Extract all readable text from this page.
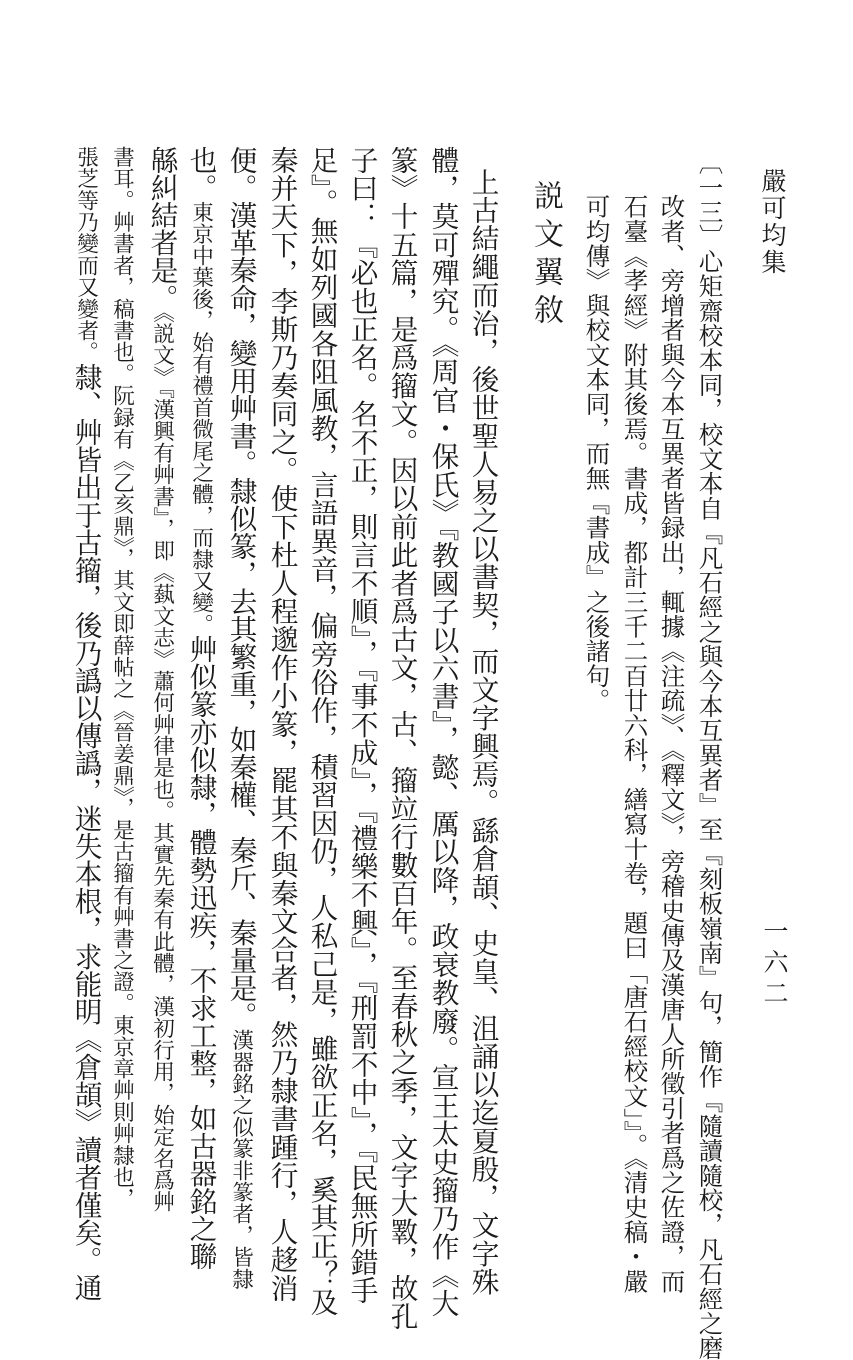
嚴可均集
一六二
〔一三〕心矩齋校本同，校文本自『凡石經之與今本互異者』至『刻板嶺南』句，簡作『隨讀隨校，凡石經之磨
改者、旁增者與今本互異者皆録出，輒據《注疏》、《釋文》，旁稽史傳及漢唐人所徵引者爲之佐證，而
石臺《孝經》附其後焉。書成，都計三千二百廿六科，繕寫十卷，題曰「唐石經校文」』。《清史稿・嚴
可均傳》與校文本同，而無『書成』之後諸句。
説文翼敘
上古結繩而治，後世聖人易之以書契，而文字興焉。繇倉頡、史皇、沮誦以迄夏殷，文字殊
體，莫可殫究。《周官・保氏》『教國子以六書』，懿、厲以降，政衰教廢。宣王太史籀乃作《大
篆》十五篇，是爲籀文。因以前此者爲古文，古、籀竝行數百年。至春秋之季，文字大斁，故孔
子曰：『必也正名。名不正，則言不順』，『事不成』，『禮樂不興』，『刑罰不中』，『民無所錯手
足』。無如列國各阻風教，言語異音，偏旁俗作，積習因仍，人私己是，雖欲正名，奚其正？及
秦并天下，李斯乃奏同之。使下杜人程邈作小篆，罷其不與秦文合者，然乃隸書踵行，人趍消
便。漢革秦命，變用艸書。隸似篆，去其繁重，如秦權、秦斤、秦量是。漢器銘之似篆非篆者，皆隸
也。東京中葉後，始有禮首微尾之體，而隸又變。艸似篆亦似隸，體勢迅疾，不求工整，如古器銘之聯
緜糾結者是。《説文》『漢興有艸書』，即《蓺文志》蕭何艸律是也。其實先秦有此體，漢初行用，始定名爲艸
書耳。艸書者，稿書也。阮録有《乙亥鼎》，其文即薛帖之《晉姜鼎》，是古籀有艸書之證。東京章艸則艸隸也，
張芝等乃變而又變者。隸、艸皆出于古籀，後乃譌以傳譌，迷失本根，求能明《倉頡》讀者僅矣。通
